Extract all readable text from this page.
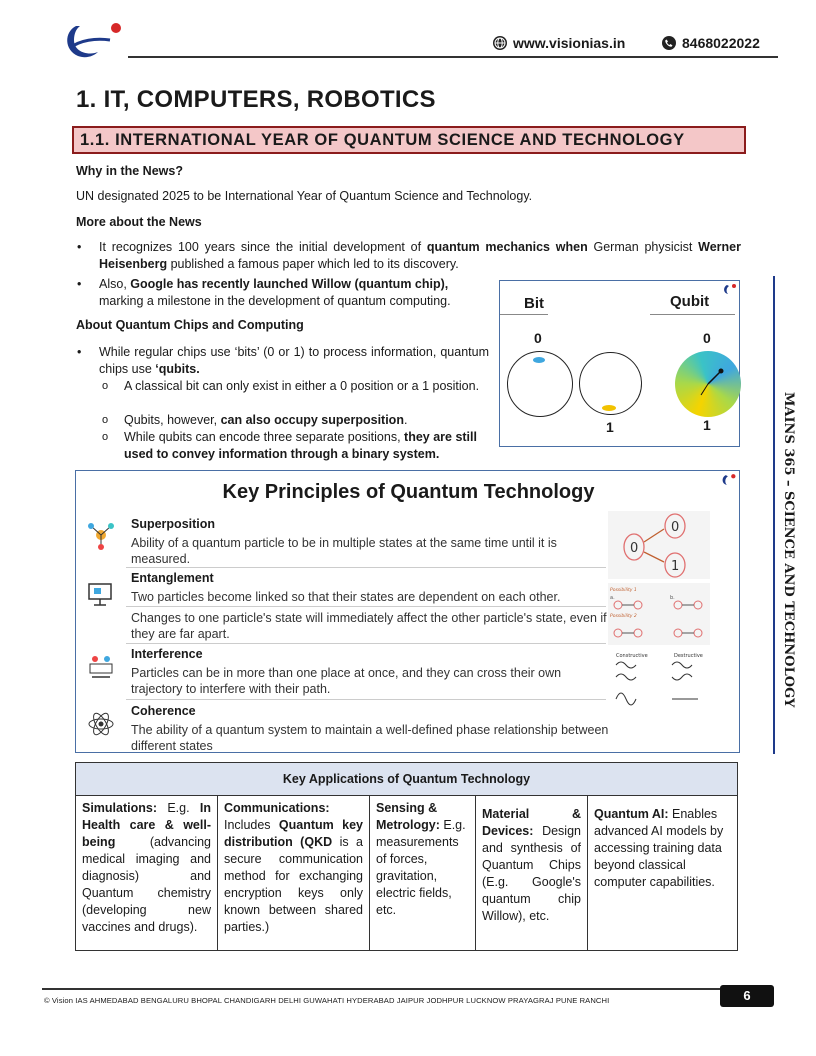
www.visionias.in	8468022022
1. IT, COMPUTERS, ROBOTICS
1.1. INTERNATIONAL YEAR OF QUANTUM SCIENCE AND TECHNOLOGY
Why in the News?
UN designated 2025 to be International Year of Quantum Science and Technology.
More about the News
• It recognizes 100 years since the initial development of quantum mechanics when German physicist Werner Heisenberg published a famous paper which led to its discovery.
• Also, Google has recently launched Willow (quantum chip), marking a milestone in the development of quantum computing.
About Quantum Chips and Computing
• While regular chips use ‘bits’ (0 or 1) to process information, quantum chips use ‘qubits.
o A classical bit can only exist in either a 0 position or a 1 position.
o Qubits, however, can also occupy superposition.
o While qubits can encode three separate positions, they are still used to convey information through a binary system.
Bit	Qubit
0	0
1	1
Key Principles of Quantum Technology
Superposition
Ability of a quantum particle to be in multiple states at the same time until it is measured.
Entanglement
Two particles become linked so that their states are dependent on each other.
Changes to one particle's state will immediately affect the other particle's state, even if they are far apart.
Interference
Particles can be in more than one place at once, and they can cross their own trajectory to interfere with their path.
Coherence
The ability of a quantum system to maintain a well-defined phase relationship between different states
0
0
1
Possibility 1
a.
Possibility 2
b.
Constructive	Destructive
Key Applications of Quantum Technology
Simulations: E.g. In Health care & well-being (advancing medical imaging and diagnosis) and Quantum chemistry (developing new vaccines and drugs).
Communications: Includes Quantum key distribution (QKD is a secure communication method for exchanging encryption keys only known between shared parties.)
Sensing & Metrology: E.g. measurements of forces, gravitation, electric fields, etc.
Material & Devices: Design and synthesis of Quantum Chips (E.g. Google's quantum chip Willow), etc.
Quantum AI: Enables advanced AI models by accessing training data beyond classical computer capabilities.
MAINS 365 – SCIENCE AND TECHNOLOGY
© Vision IAS AHMEDABAD BENGALURU BHOPAL CHANDIGARH DELHI GUWAHATI HYDERABAD JAIPUR JODHPUR LUCKNOW PRAYAGRAJ PUNE RANCHI	6
